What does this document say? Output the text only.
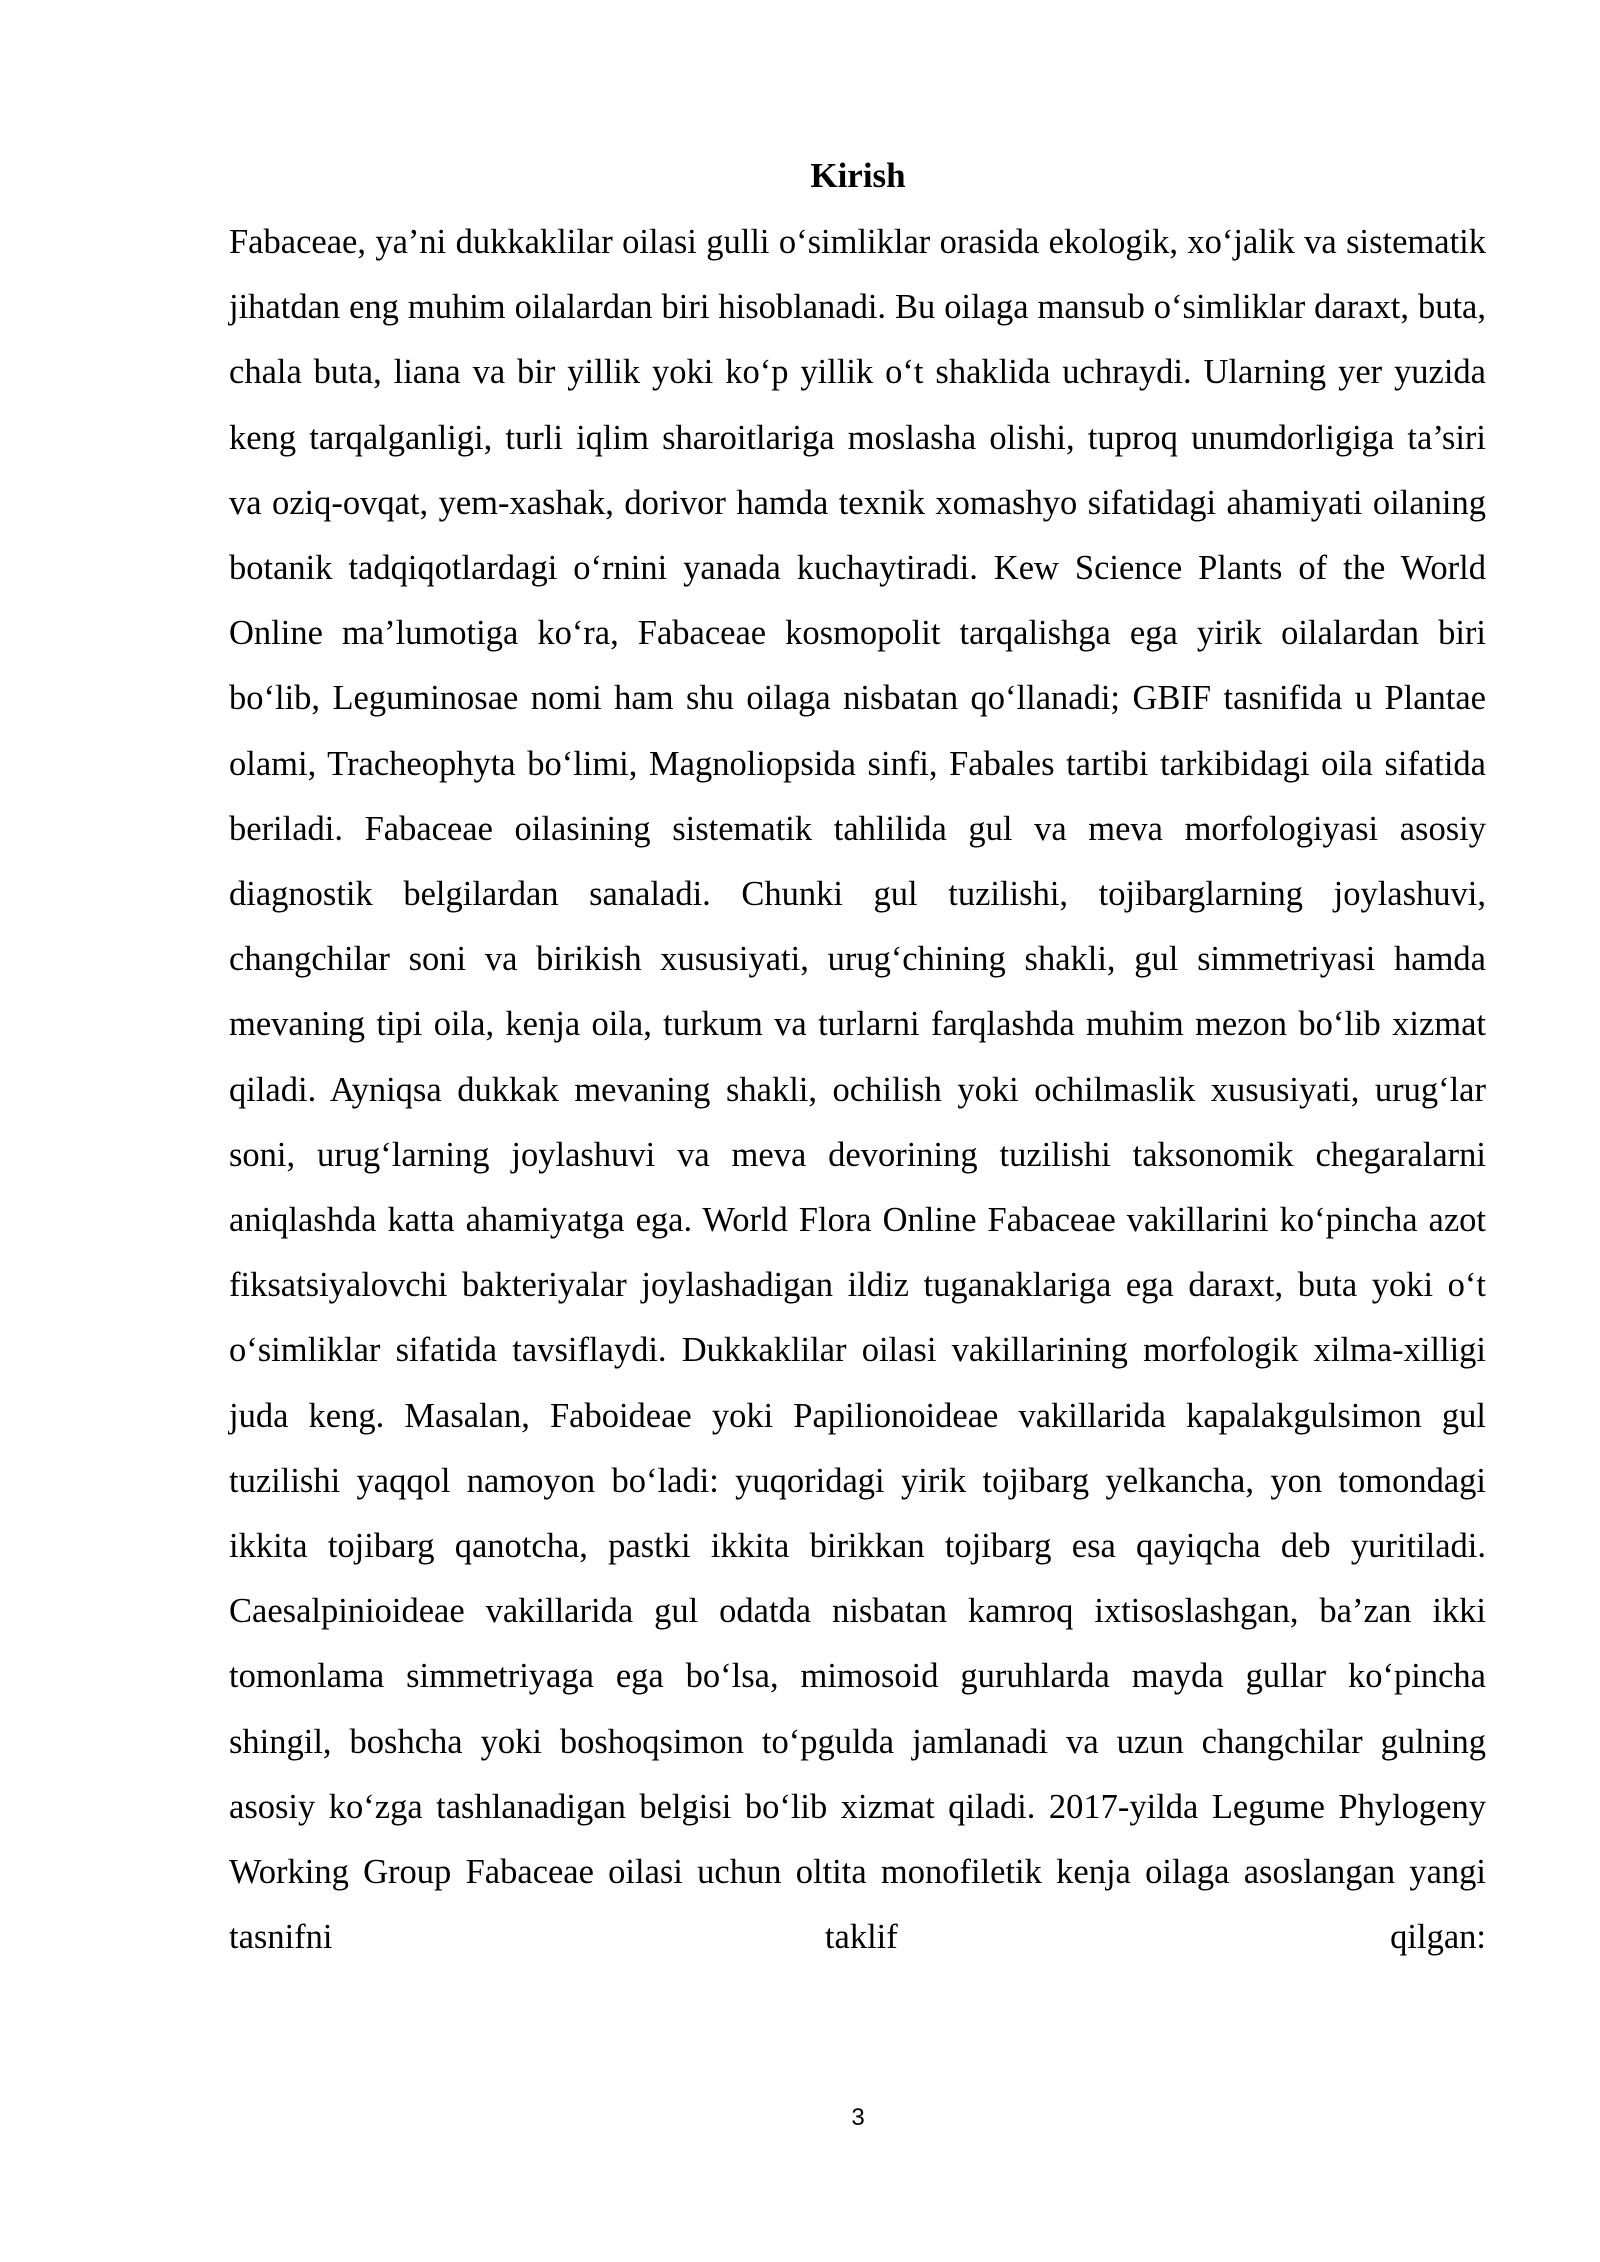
Kirish

Fabaceae, ya’ni dukkaklilar oilasi gulli o‘simliklar orasida ekologik, xo‘jalik va sistematik jihatdan eng muhim oilalardan biri hisoblanadi. Bu oilaga mansub o‘simliklar daraxt, buta, chala buta, liana va bir yillik yoki ko‘p yillik o‘t shaklida uchraydi. Ularning yer yuzida keng tarqalganligi, turli iqlim sharoitlariga moslasha olishi, tuproq unumdorligiga ta’siri va oziq-ovqat, yem-xashak, dorivor hamda texnik xomashyo sifatidagi ahamiyati oilaning botanik tadqiqotlardagi o‘rnini yanada kuchaytiradi. Kew Science Plants of the World Online ma’lumotiga ko‘ra, Fabaceae kosmopolit tarqalishga ega yirik oilalardan biri bo‘lib, Leguminosae nomi ham shu oilaga nisbatan qo‘llanadi; GBIF tasnifida u Plantae olami, Tracheophyta bo‘limi, Magnoliopsida sinfi, Fabales tartibi tarkibidagi oila sifatida beriladi. Fabaceae oilasining sistematik tahlilida gul va meva morfologiyasi asosiy diagnostik belgilardan sanaladi. Chunki gul tuzilishi, tojibarglarning joylashuvi, changchilar soni va birikish xususiyati, urug‘chining shakli, gul simmetriyasi hamda mevaning tipi oila, kenja oila, turkum va turlarni farqlashda muhim mezon bo‘lib xizmat qiladi. Ayniqsa dukkak mevaning shakli, ochilish yoki ochilmaslik xususiyati, urug‘lar soni, urug‘larning joylashuvi va meva devorining tuzilishi taksonomik chegaralarni aniqlashda katta ahamiyatga ega. World Flora Online Fabaceae vakillarini ko‘pincha azot fiksatsiyalovchi bakteriyalar joylashadigan ildiz tuganaklariga ega daraxt, buta yoki o‘t o‘simliklar sifatida tavsiflaydi. Dukkaklilar oilasi vakillarining morfologik xilma-xilligi juda keng. Masalan, Faboideae yoki Papilionoideae vakillarida kapalakgulsimon gul tuzilishi yaqqol namoyon bo‘ladi: yuqoridagi yirik tojibarg yelkancha, yon tomondagi ikkita tojibarg qanotcha, pastki ikkita birikkan tojibarg esa qayiqcha deb yuritiladi. Caesalpinioideae vakillarida gul odatda nisbatan kamroq ixtisoslashgan, ba’zan ikki tomonlama simmetriyaga ega bo‘lsa, mimosoid guruhlarda mayda gullar ko‘pincha shingil, boshcha yoki boshoqsimon to‘pgulda jamlanadi va uzun changchilar gulning asosiy ko‘zga tashlanadigan belgisi bo‘lib xizmat qiladi. 2017-yilda Legume Phylogeny Working Group Fabaceae oilasi uchun oltita monofiletik kenja oilaga asoslangan yangi tasnifni taklif qilgan:

3
